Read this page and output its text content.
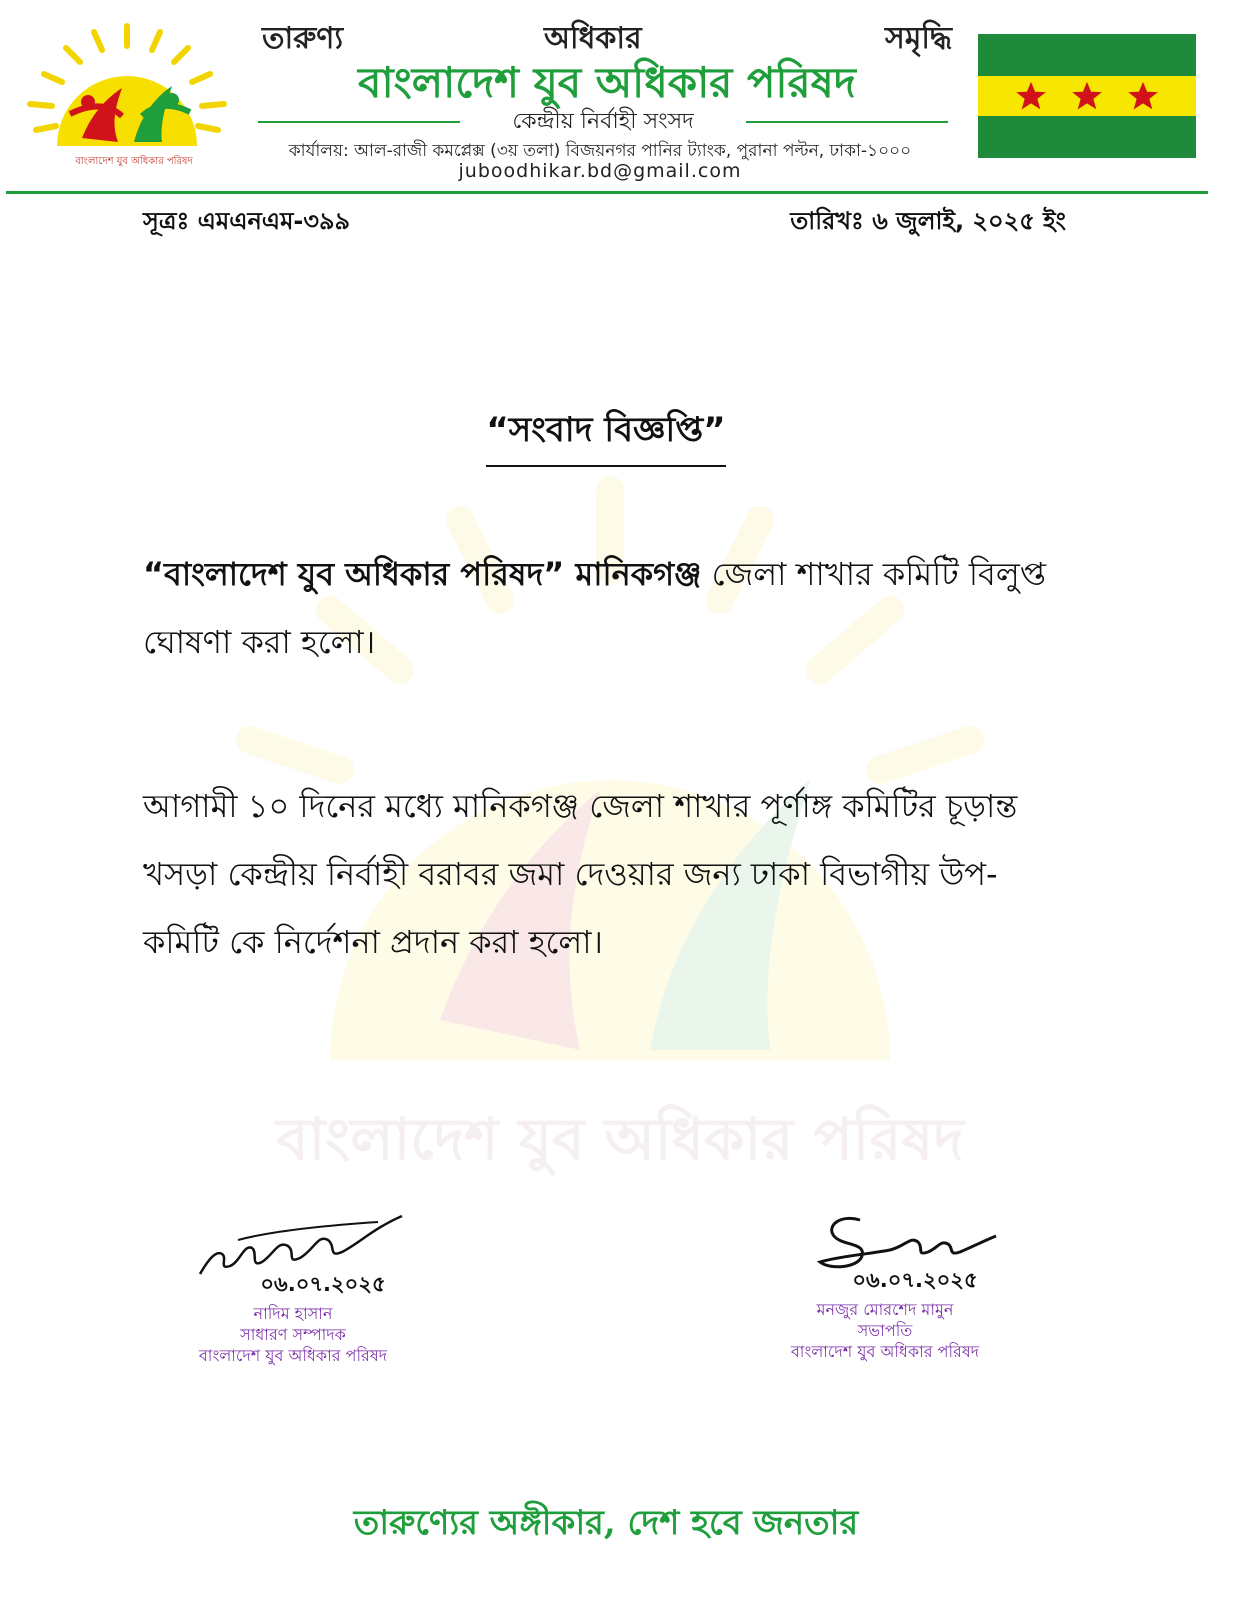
বাংলাদেশ যুব অধিকার পরিষদ
তারুণ্য	অধিকার	সমৃদ্ধি
বাংলাদেশ যুব অধিকার পরিষদ
কেন্দ্রীয় নির্বাহী সংসদ
কার্যালয়: আল-রাজী কমপ্লেক্স (৩য় তলা) বিজয়নগর পানির ট্যাংক, পুরানা পল্টন, ঢাকা-১০০০
juboodhikar.bd@gmail.com
সূত্রঃ এমএনএম-৩৯৯	তারিখঃ ৬ জুলাই, ২০২৫ ইং
বাংলাদেশ যুব অধিকার পরিষদ
“সংবাদ বিজ্ঞপ্তি”
“বাংলাদেশ যুব অধিকার পরিষদ” মানিকগঞ্জ জেলা শাখার কমিটি বিলুপ্ত ঘোষণা করা হলো।
আগামী ১০ দিনের মধ্যে মানিকগঞ্জ জেলা শাখার পূর্ণাঙ্গ কমিটির চূড়ান্ত খসড়া কেন্দ্রীয় নির্বাহী বরাবর জমা দেওয়ার জন্য ঢাকা বিভাগীয় উপ-কমিটি কে নির্দেশনা প্রদান করা হলো।
০৬.০৭.২০২৫
নাদিম হাসান
সাধারণ সম্পাদক
বাংলাদেশ যুব অধিকার পরিষদ
০৬.০৭.২০২৫
মনজুর মোরশেদ মামুন
সভাপতি
বাংলাদেশ যুব অধিকার পরিষদ
তারুণ্যের অঙ্গীকার, দেশ হবে জনতার
